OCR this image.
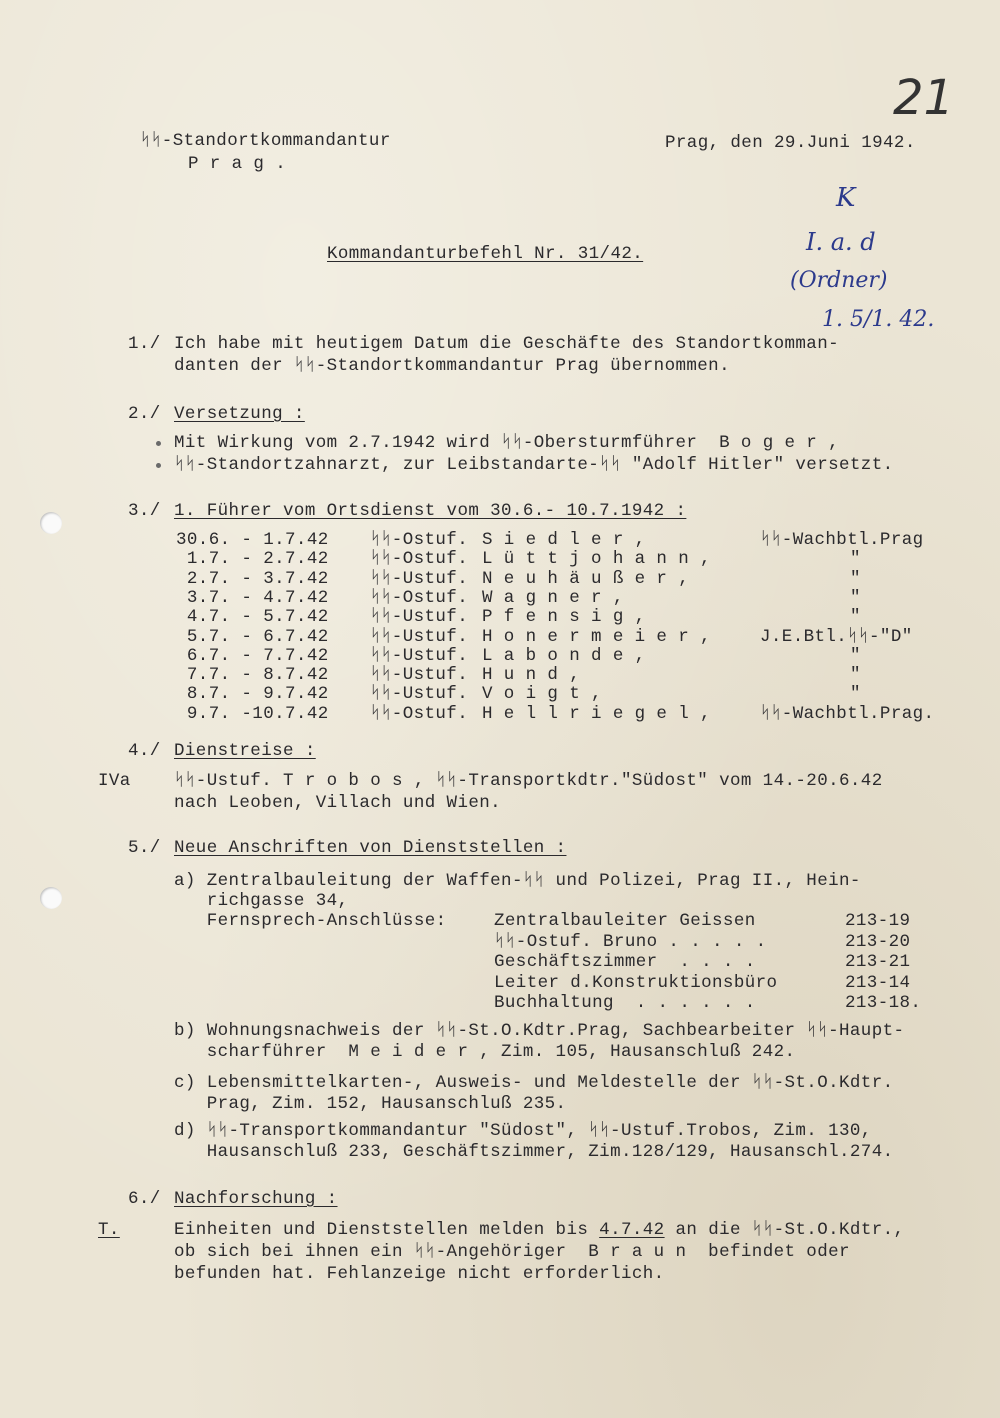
21
ᛋᛋ-Standortkommandantur
P r a g .
Prag, den 29.Juni 1942.
Kommandanturbefehl Nr. 31/42.
K
I. a. d
(Ordner)
1. 5/1. 42.
1./ Ich habe mit heutigem Datum die Geschäfte des Standortkomman-
danten der ᛋᛋ-Standortkommandantur Prag übernommen.
2./ Versetzung :
Mit Wirkung vom 2.7.1942 wird ᛋᛋ-Obersturmführer  B o g e r ,
ᛋᛋ-Standortzahnarzt, zur Leibstandarte-ᛋᛋ "Adolf Hitler" versetzt.
3./ 1. Führer vom Ortsdienst vom 30.6.- 10.7.1942 :
30.6. - 1.7.42 ᛋᛋ-Ostuf. S i e d l e r ,	ᛋᛋ-Wachbtl.Prag
1.7. - 2.7.42 ᛋᛋ-Ostuf. L ü t t j o h a n n ,	"
2.7. - 3.7.42 ᛋᛋ-Ustuf. N e u h ä u ß e r ,	"
3.7. - 4.7.42 ᛋᛋ-Ostuf. W a g n e r ,	"
4.7. - 5.7.42 ᛋᛋ-Ustuf. P f e n s i g ,	"
5.7. - 6.7.42 ᛋᛋ-Ustuf. H o n e r m e i e r ,	J.E.Btl.ᛋᛋ-"D"
6.7. - 7.7.42 ᛋᛋ-Ustuf. L a b o n d e ,	"
7.7. - 8.7.42 ᛋᛋ-Ustuf. H u n d ,	"
8.7. - 9.7.42 ᛋᛋ-Ustuf. V o i g t ,	"
9.7. -10.7.42 ᛋᛋ-Ostuf. H e l l r i e g e l ,	ᛋᛋ-Wachbtl.Prag.
4./ Dienstreise :
IVa ᛋᛋ-Ustuf. T r o b o s , ᛋᛋ-Transportkdtr."Südost" vom 14.-20.6.42
nach Leoben, Villach und Wien.
5./ Neue Anschriften von Dienststellen :
a) Zentralbauleitung der Waffen-ᛋᛋ und Polizei, Prag II., Hein-
richgasse 34,
Fernsprech-Anschlüsse:	Zentralbauleiter Geissen	213-19
ᛋᛋ-Ostuf. Bruno . . . . .	213-20
Geschäftszimmer  . . . .	213-21
Leiter d.Konstruktionsbüro	213-14
Buchhaltung  . . . . . .	213-18.
b) Wohnungsnachweis der ᛋᛋ-St.O.Kdtr.Prag, Sachbearbeiter ᛋᛋ-Haupt-
scharführer  M e i d e r , Zim. 105, Hausanschluß 242.
c) Lebensmittelkarten-, Ausweis- und Meldestelle der ᛋᛋ-St.O.Kdtr.
Prag, Zim. 152, Hausanschluß 235.
d) ᛋᛋ-Transportkommandantur "Südost", ᛋᛋ-Ustuf.Trobos, Zim. 130,
Hausanschluß 233, Geschäftszimmer, Zim.128/129, Hausanschl.274.
6./ Nachforschung :
T.	Einheiten und Dienststellen melden bis 4.7.42 an die ᛋᛋ-St.O.Kdtr.,
ob sich bei ihnen ein ᛋᛋ-Angehöriger  B r a u n  befindet oder
befunden hat. Fehlanzeige nicht erforderlich.
